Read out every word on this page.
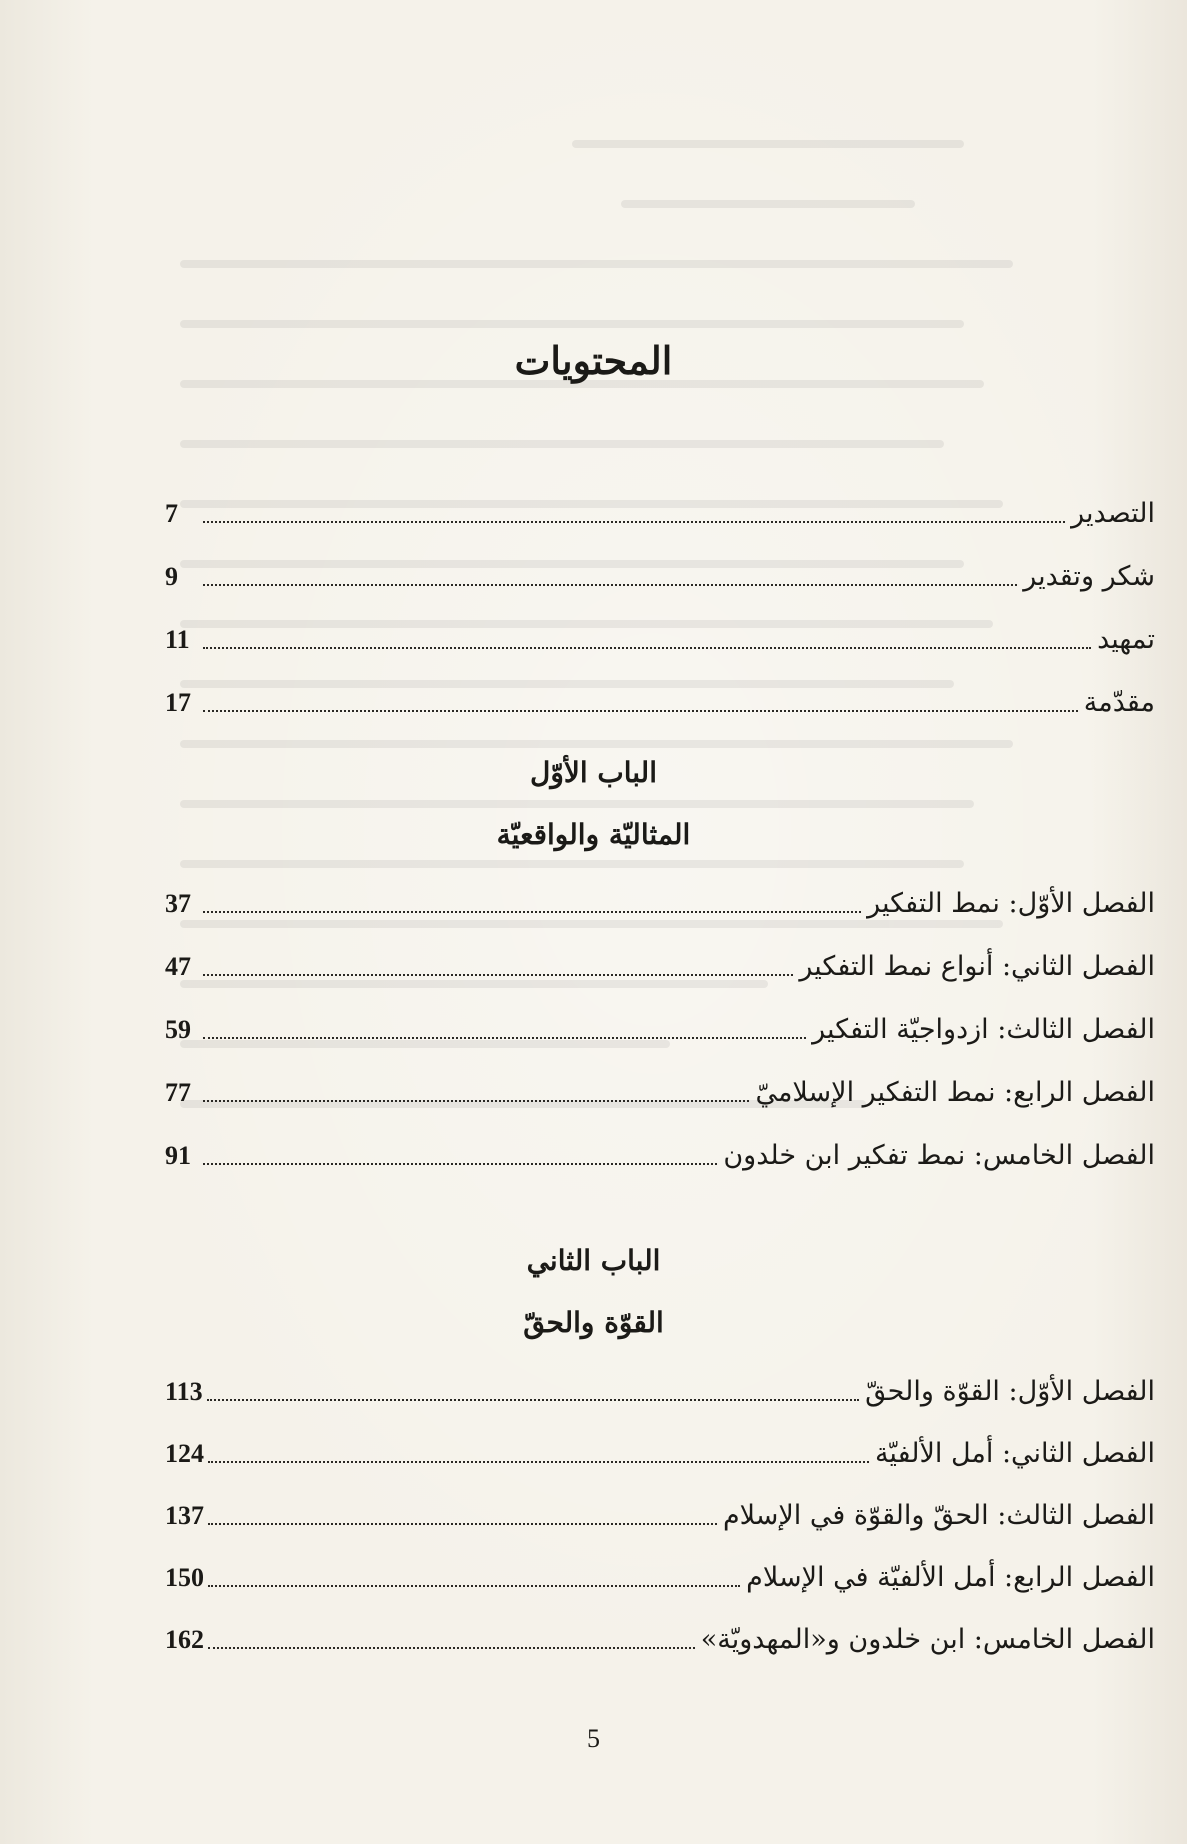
المحتويات
التصدير
7
شكر وتقدير
9
تمهيد
11
مقدّمة
17
الفصل الأوّل: نمط التفكير
37
الفصل الثاني: أنواع نمط التفكير
47
الفصل الثالث: ازدواجيّة التفكير
59
الفصل الرابع: نمط التفكير الإسلاميّ
77
الفصل الخامس: نمط تفكير ابن خلدون
91
الفصل الأوّل: القوّة والحقّ
113
الفصل الثاني: أمل الألفيّة
124
الفصل الثالث: الحقّ والقوّة في الإسلام
137
الفصل الرابع: أمل الألفيّة في الإسلام
150
الفصل الخامس: ابن خلدون و«المهدويّة»
162
الباب الأوّل
المثاليّة والواقعيّة
الباب الثاني
القوّة والحقّ
5
